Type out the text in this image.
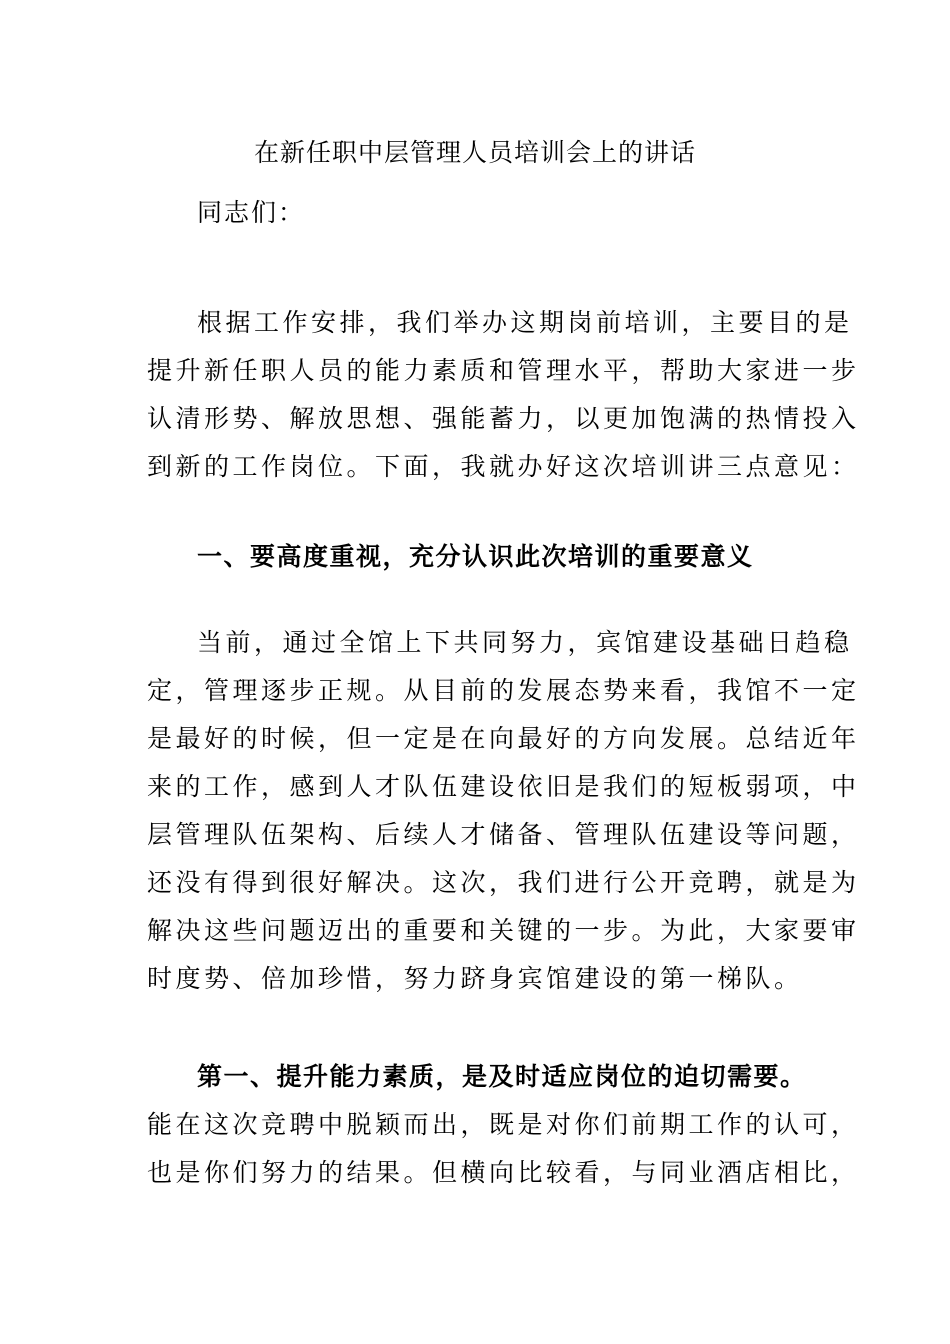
在新任职中层管理人员培训会上的讲话
同志们：
根据工作安排，我们举办这期岗前培训，主要目的是
提升新任职人员的能力素质和管理水平，帮助大家进一步
认清形势、解放思想、强能蓄力，以更加饱满的热情投入
到新的工作岗位。下面，我就办好这次培训讲三点意见：
一、要高度重视，充分认识此次培训的重要意义
当前，通过全馆上下共同努力，宾馆建设基础日趋稳
定，管理逐步正规。从目前的发展态势来看，我馆不一定
是最好的时候，但一定是在向最好的方向发展。总结近年
来的工作，感到人才队伍建设依旧是我们的短板弱项，中
层管理队伍架构、后续人才储备、管理队伍建设等问题，
还没有得到很好解决。这次，我们进行公开竞聘，就是为
解决这些问题迈出的重要和关键的一步。为此，大家要审
时度势、倍加珍惜，努力跻身宾馆建设的第一梯队。
第一、提升能力素质，是及时适应岗位的迫切需要。
能在这次竞聘中脱颖而出，既是对你们前期工作的认可，
也是你们努力的结果。但横向比较看，与同业酒店相比，
